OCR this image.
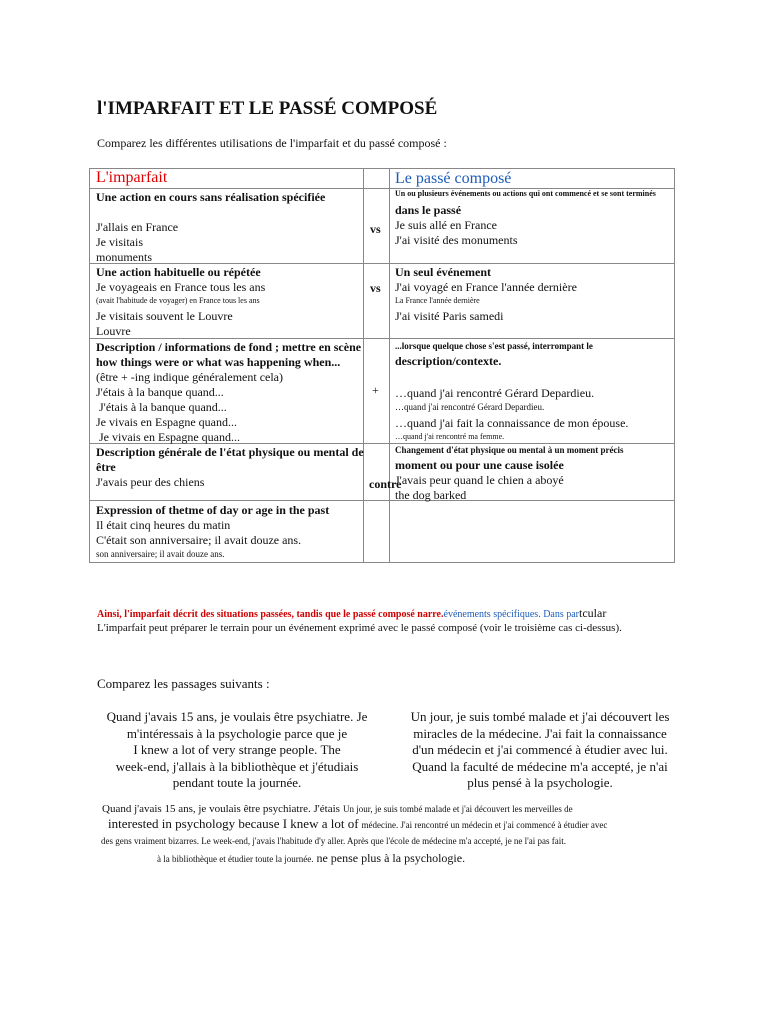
l'IMPARFAIT ET LE PASSÉ COMPOSÉ
Comparez les différentes utilisations de l'imparfait et du passé composé :
L'imparfait	Le passé composé
Une action en cours sans réalisation spécifiée
J'allais en France
Je visitais
monuments
vs
Un ou plusieurs événements ou actions qui ont commencé et se sont terminés
dans le passé
Je suis allé en France
J'ai visité des monuments
Une action habituelle ou répétée
Je voyageais en France tous les ans
(avait l'habitude de voyager) en France tous les ans
Je visitais souvent le Louvre
Louvre
vs
Un seul événement
J'ai voyagé en France l'année dernière
La France l'année dernière
J'ai visité Paris samedi
Description / informations de fond ; mettre en scène
how things were or what was happening when...
(être + -ing indique généralement cela)
J'étais à la banque quand...
J'étais à la banque quand...
Je vivais en Espagne quand...
Je vivais en Espagne quand...
+
...lorsque quelque chose s'est passé, interrompant le
description/contexte.
…quand j'ai rencontré Gérard Depardieu.
…quand j'ai rencontré Gérard Depardieu.
…quand j'ai fait la connaissance de mon épouse.
…quand j'ai rencontré ma femme.
Description générale de l'état physique ou mental de
être
J'avais peur des chiens	contre
Changement d'état physique ou mental à un moment précis
moment ou pour une cause isolée
J'avais peur quand le chien a aboyé
the dog barked
Expression of thetme of day or age in the past
Il était cinq heures du matin
C'était son anniversaire; il avait douze ans.
son anniversaire; il avait douze ans.
Ainsi, l'imparfait décrit des situations passées, tandis que le passé composé narre.événements spécifiques. Dans partcular
L'imparfait peut préparer le terrain pour un événement exprimé avec le passé composé (voir le troisième cas ci-dessus).
Comparez les passages suivants :
Quand j'avais 15 ans, je voulais être psychiatre. Je
m'intéressais à la psychologie parce que je
I knew a lot of very strange people. The
week-end, j'allais à la bibliothèque et j'étudiais
pendant toute la journée.
Un jour, je suis tombé malade et j'ai découvert les
miracles de la médecine. J'ai fait la connaissance
d'un médecin et j'ai commencé à étudier avec lui.
Quand la faculté de médecine m'a accepté, je n'ai
plus pensé à la psychologie.
Quand j'avais 15 ans, je voulais être psychiatre. J'étais Un jour, je suis tombé malade et j'ai découvert les merveilles de
interested in psychology because I knew a lot of médecine. J'ai rencontré un médecin et j'ai commencé à étudier avec
des gens vraiment bizarres. Le week-end, j'avais l'habitude d'y aller. Après que l'école de médecine m'a accepté, je ne l'ai pas fait.
à la bibliothèque et étudier toute la journée. ne pense plus à la psychologie.
